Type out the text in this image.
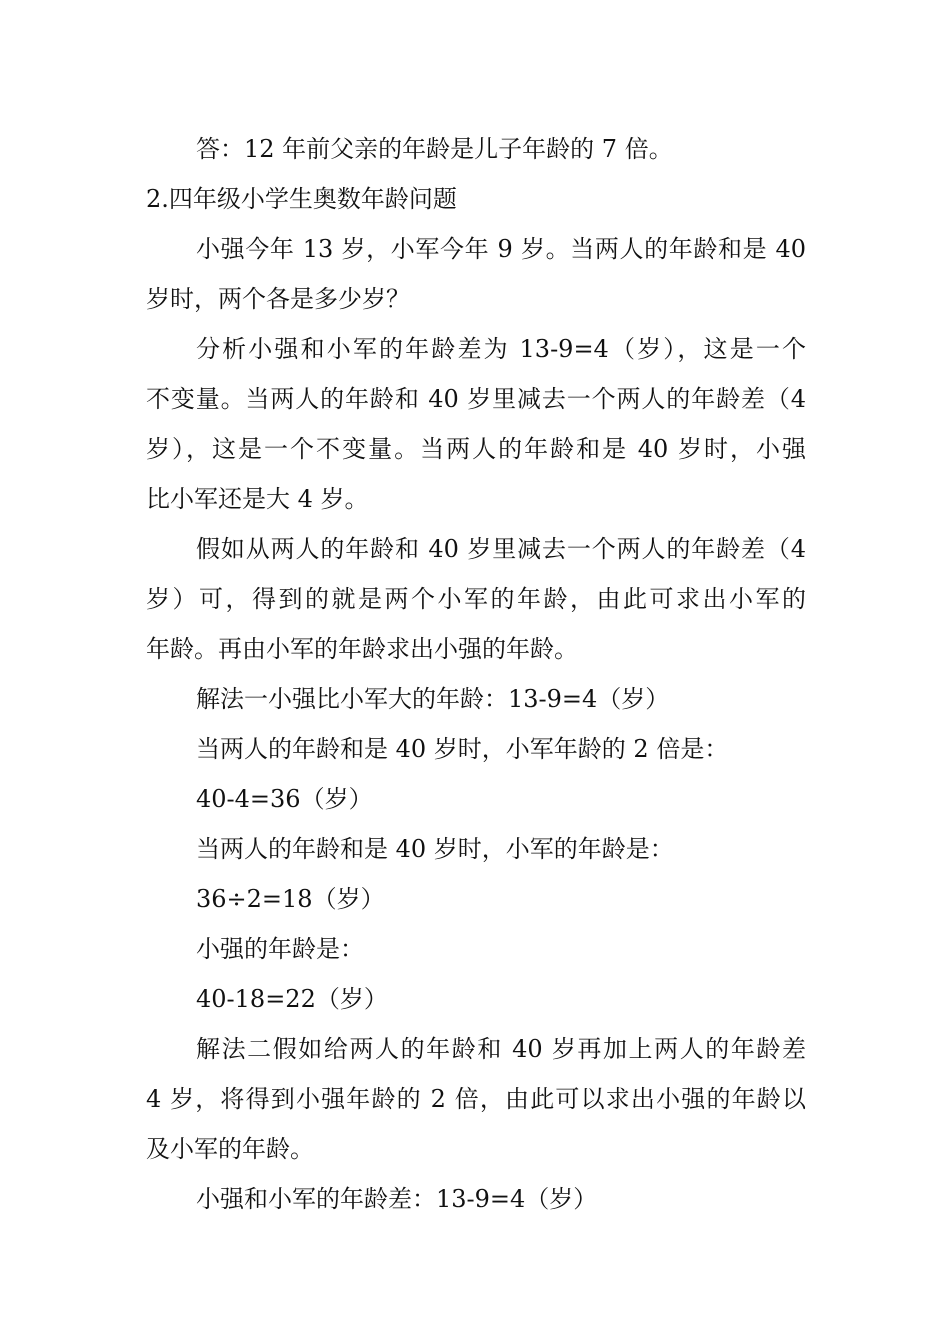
答：12 年前父亲的年龄是儿子年龄的 7 倍。

2.四年级小学生奥数年龄问题

小强今年 13 岁，小军今年 9 岁。当两人的年龄和是 40

岁时，两个各是多少岁？

分析小强和小军的年龄差为 13-9=4（岁），这是一个

不变量。当两人的年龄和 40 岁里减去一个两人的年龄差（4

岁），这是一个不变量。当两人的年龄和是 40 岁时，小强

比小军还是大 4 岁。

假如从两人的年龄和 40 岁里减去一个两人的年龄差（4

岁）可，得到的就是两个小军的年龄，由此可求出小军的

年龄。再由小军的年龄求出小强的年龄。

解法一小强比小军大的年龄：13-9=4（岁）

当两人的年龄和是 40 岁时，小军年龄的 2 倍是：

40-4=36（岁）

当两人的年龄和是 40 岁时，小军的年龄是：

36÷2=18（岁）

小强的年龄是：

40-18=22（岁）

解法二假如给两人的年龄和 40 岁再加上两人的年龄差

4 岁，将得到小强年龄的 2 倍，由此可以求出小强的年龄以

及小军的年龄。

小强和小军的年龄差：13-9=4（岁）
